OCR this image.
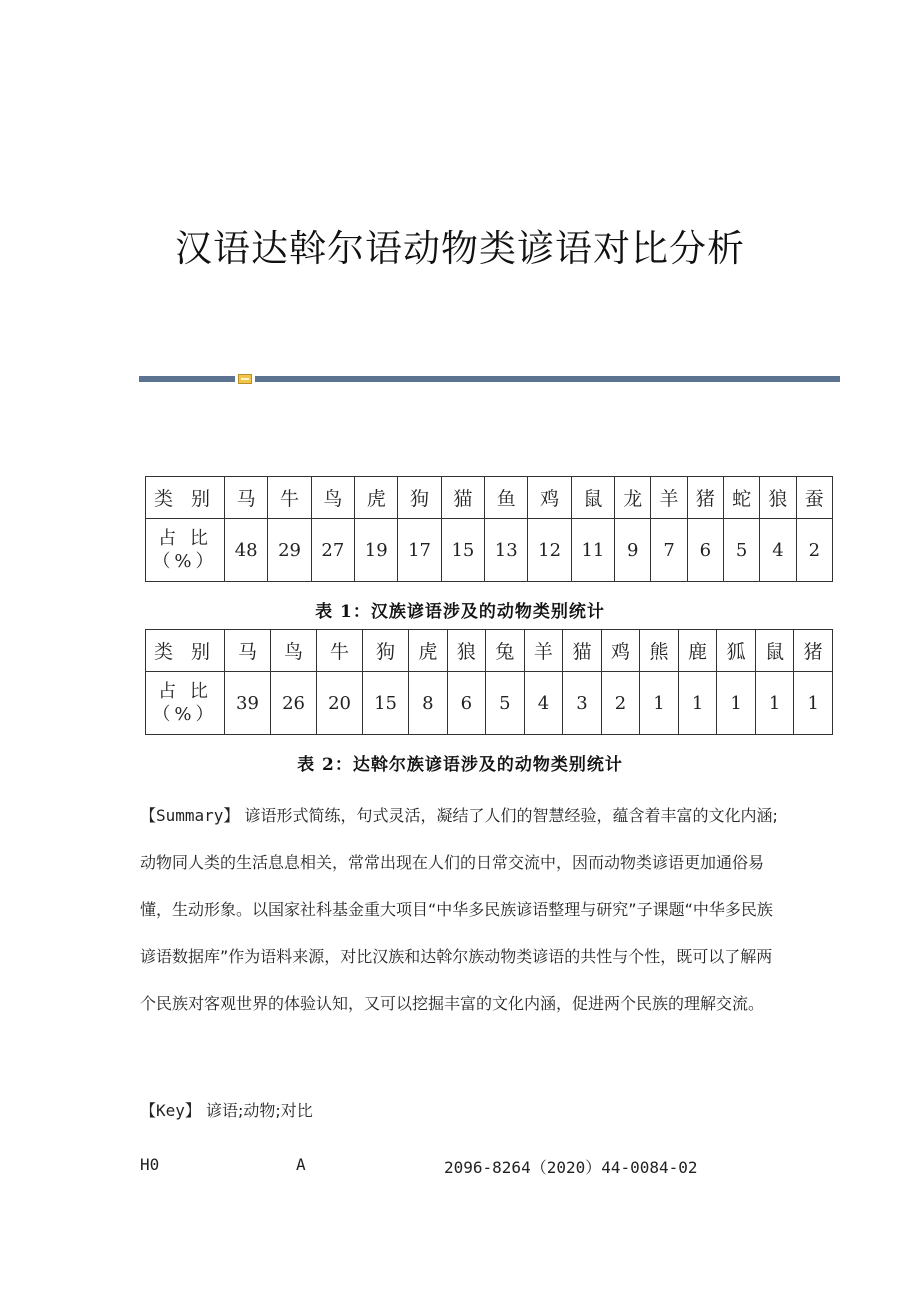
汉语达斡尔语动物类谚语对比分析
类 别	马	牛	鸟	虎	狗	猫	鱼	鸡	鼠	龙	羊	猪	蛇	狼	蚕

占 比
（%）	48	29	27	19	17	15	13	12	11	9	7	6	5	4	2
表 1：汉族谚语涉及的动物类别统计
类 别	马	鸟	牛	狗	虎	狼	兔	羊	猫	鸡	熊	鹿	狐	鼠	猪

占 比
（%）	39	26	20	15	8	6	5	4	3	2	1	1	1	1	1
表 2：达斡尔族谚语涉及的动物类别统计
【Summary】 谚语形式简练，句式灵活，凝结了人们的智慧经验，蕴含着丰富的文化内涵;动物同人类的生活息息相关，常常出现在人们的日常交流中，因而动物类谚语更加通俗易懂，生动形象。以国家社科基金重大项目“中华多民族谚语整理与研究”子课题“中华多民族谚语数据库”作为语料来源，对比汉族和达斡尔族动物类谚语的共性与个性，既可以了解两个民族对客观世界的体验认知，又可以挖掘丰富的文化内涵，促进两个民族的理解交流。
【Key】 谚语;动物;对比
H0	A	2096-8264（2020）44-0084-02
